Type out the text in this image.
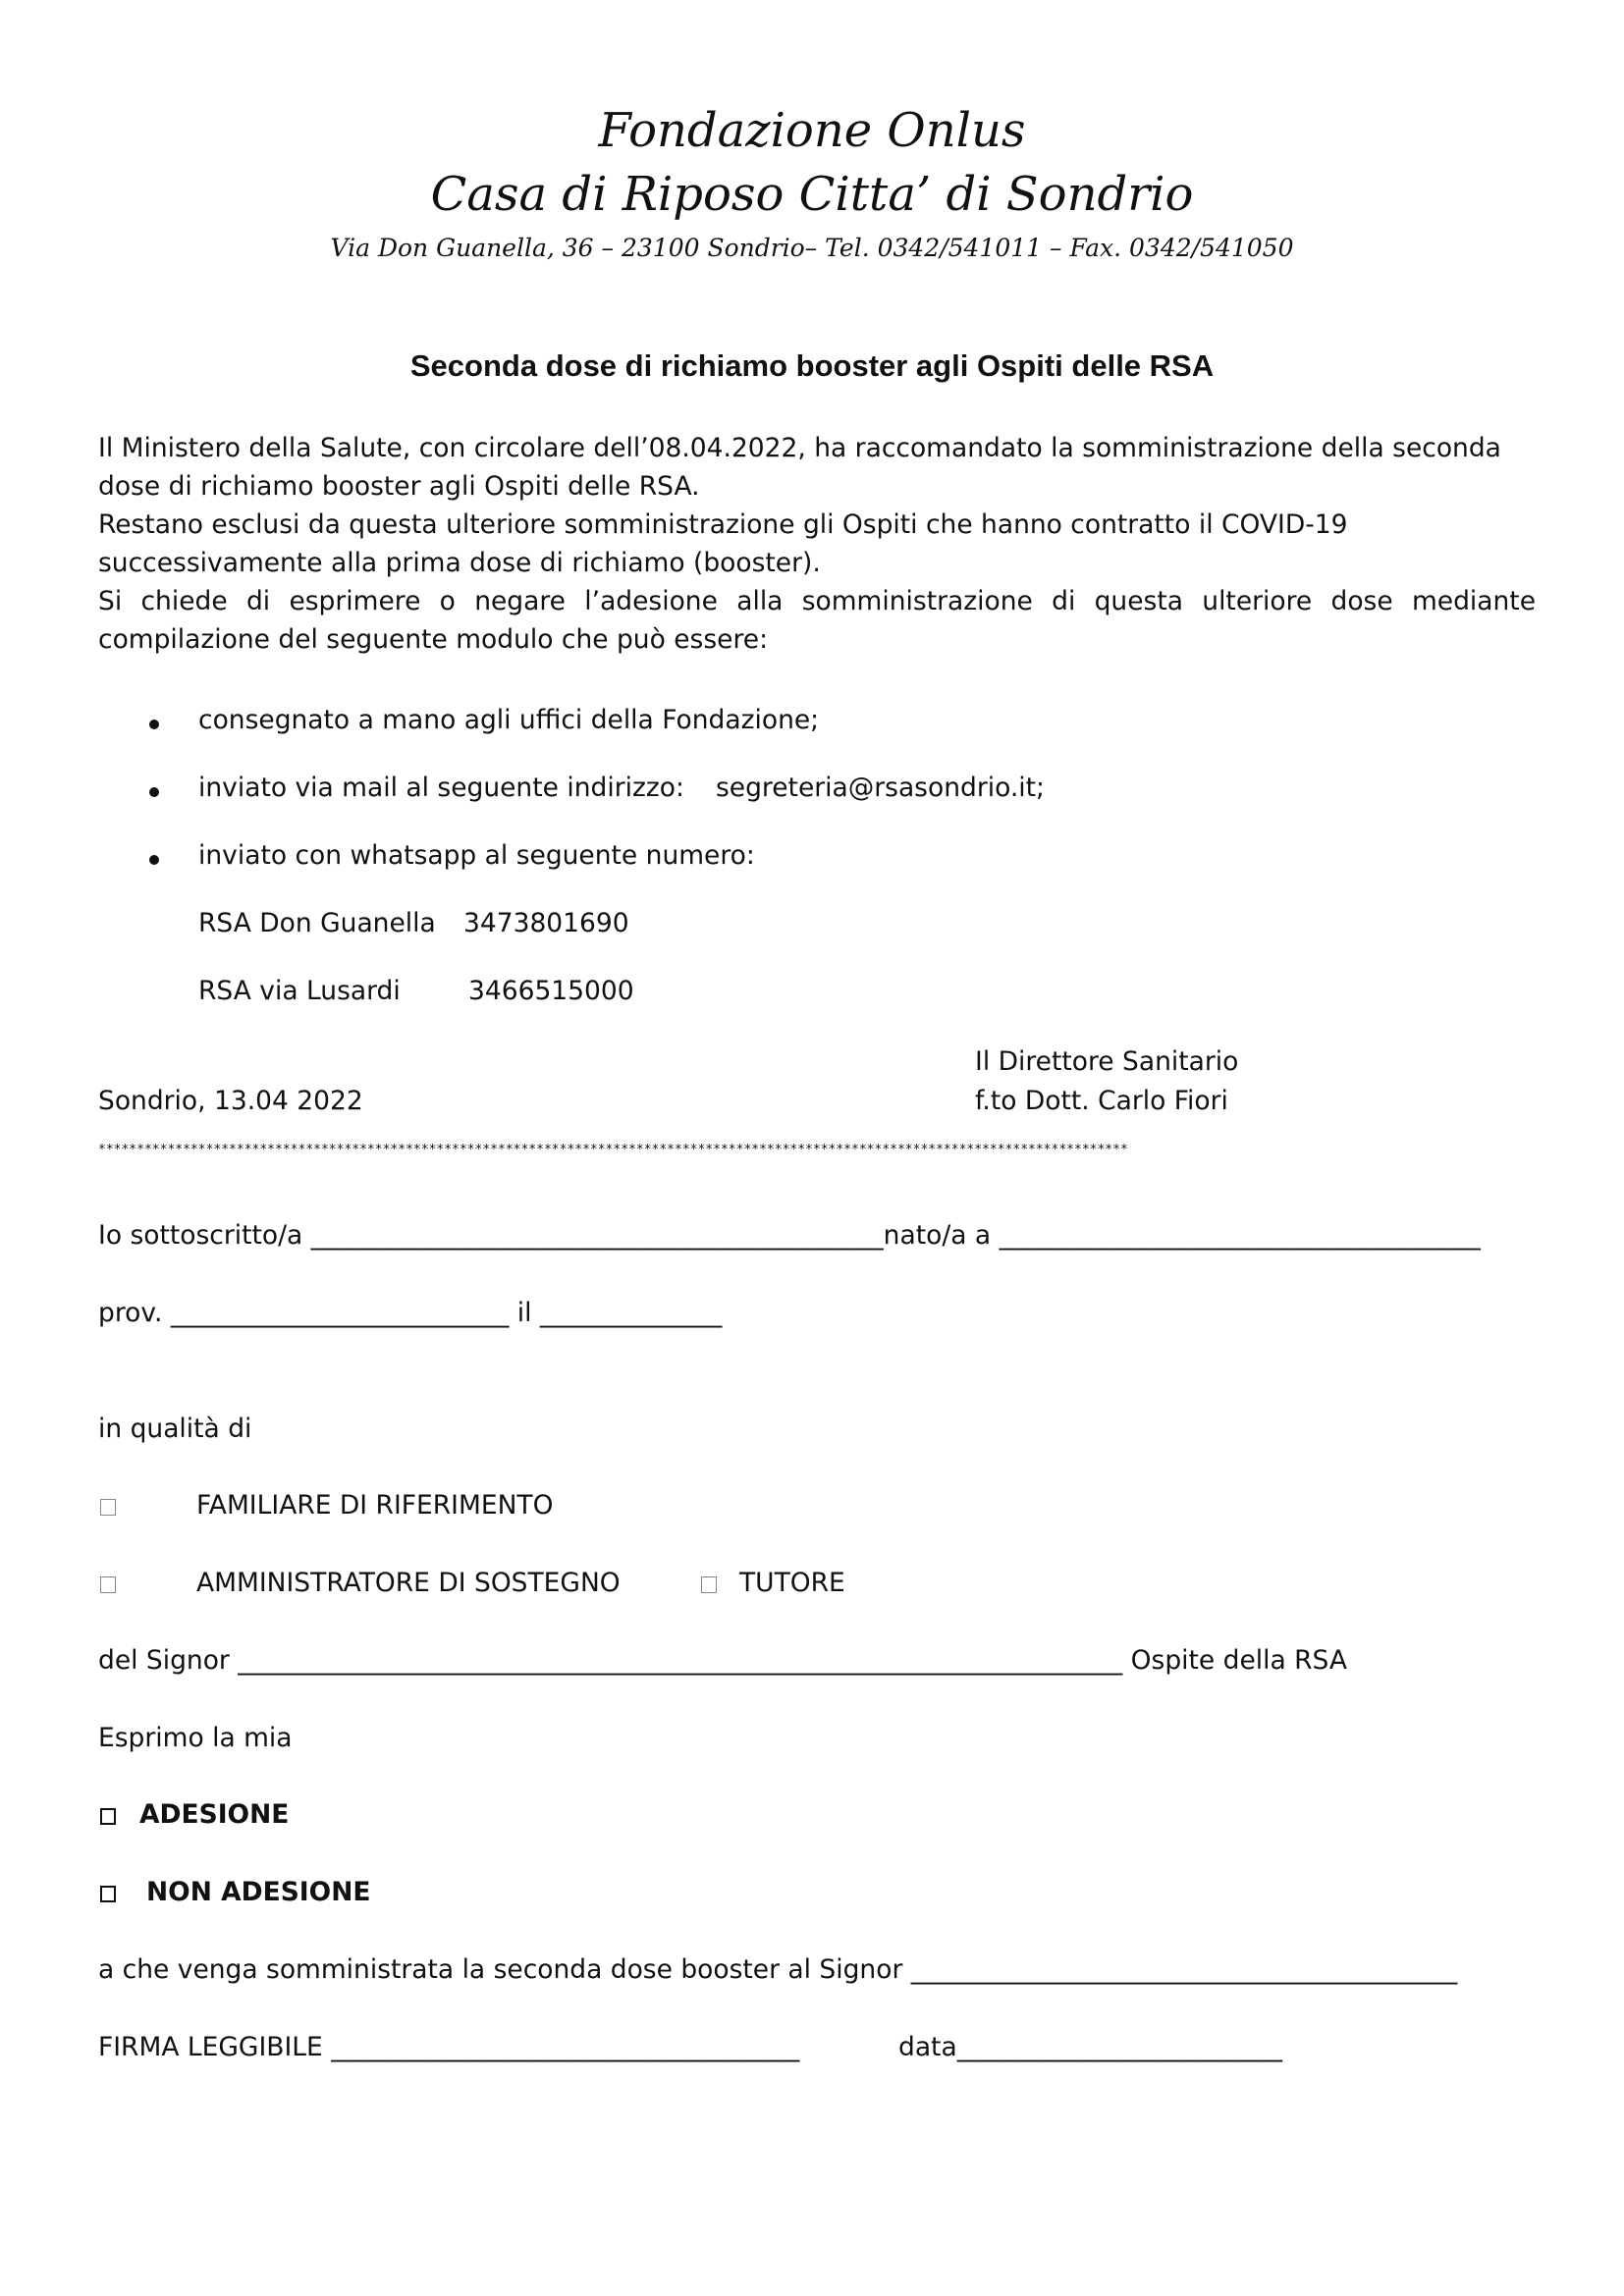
Fondazione Onlus
Casa di Riposo Citta’ di Sondrio
Via Don Guanella, 36 – 23100 Sondrio– Tel. 0342/541011 – Fax. 0342/541050
Seconda dose di richiamo booster agli Ospiti delle RSA
Il Ministero della Salute, con circolare dell’08.04.2022, ha raccomandato la somministrazione della seconda
dose di richiamo booster agli Ospiti delle RSA.
Restano esclusi da questa ulteriore somministrazione gli Ospiti che hanno contratto il COVID-19
successivamente alla prima dose di richiamo (booster).
Si chiede di esprimere o negare l’adesione alla somministrazione di questa ulteriore dose mediante
compilazione del seguente modulo che può essere:
consegnato a mano agli uffici della Fondazione;
inviato via mail al seguente indirizzo: segreteria@rsasondrio.it;
inviato con whatsapp al seguente numero:
RSA Don Guanella 3473801690
RSA via Lusardi	3466515000
Il Direttore Sanitario
Sondrio, 13.04 2022	f.to Dott. Carlo Fiori
**************************************************************************************************************************************
Io sottoscritto/a ____________________________________________nato/a a _____________________________________
prov. __________________________ il ______________
in qualità di
FAMILIARE DI RIFERIMENTO
AMMINISTRATORE DI SOSTEGNO	TUTORE
del Signor ____________________________________________________________________ Ospite della RSA
Esprimo la mia
ADESIONE
NON ADESIONE
a che venga somministrata la seconda dose booster al Signor __________________________________________
FIRMA LEGGIBILE ____________________________________	data_________________________
